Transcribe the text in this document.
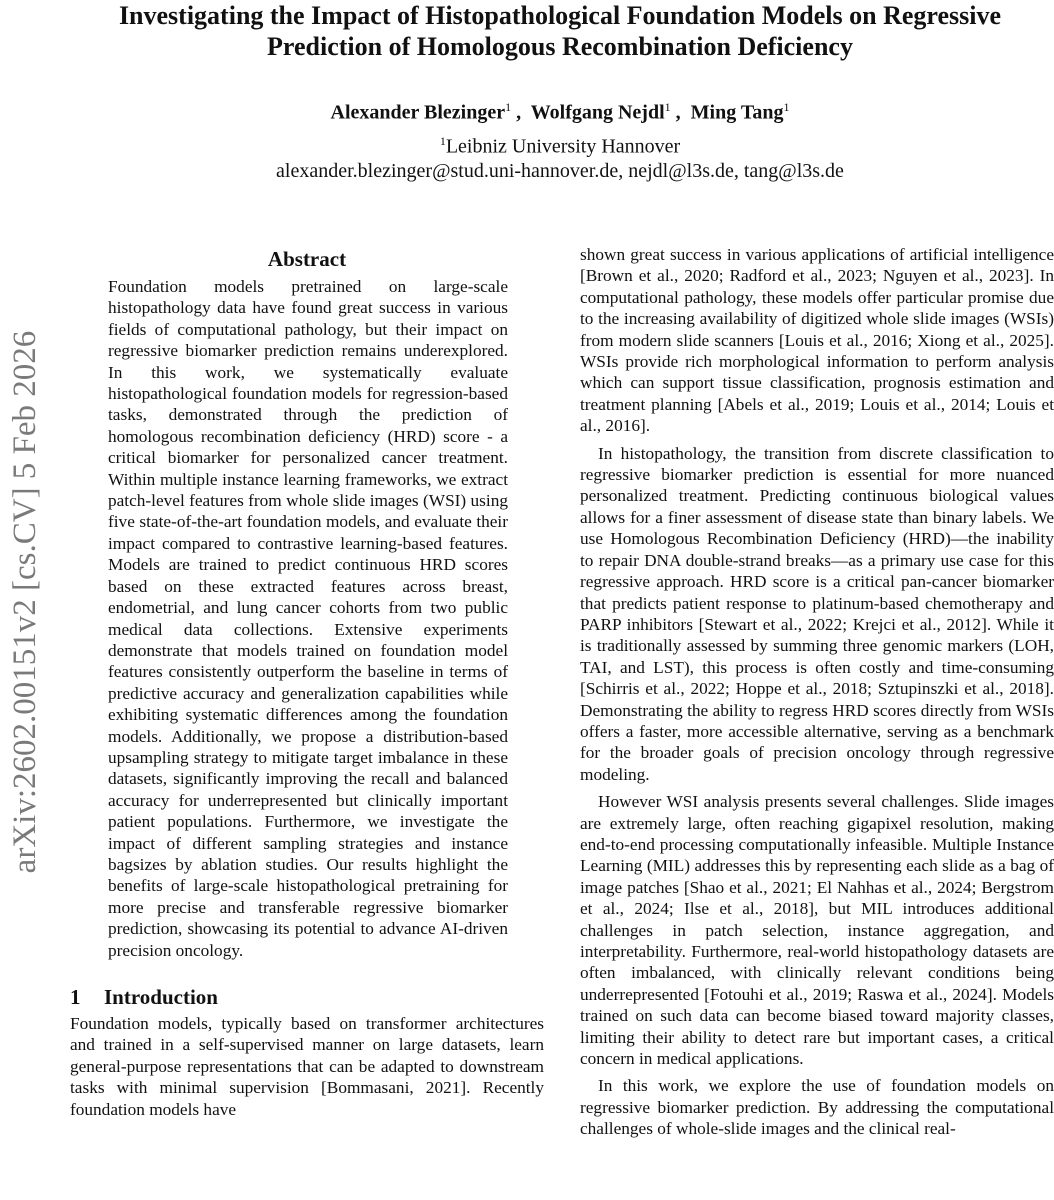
arXiv:2602.00151v2 [cs.CV] 5 Feb 2026
Investigating the Impact of Histopathological Foundation Models on Regressive Prediction of Homologous Recombination Deficiency
Alexander Blezinger$^1$ ,  Wolfgang Nejdl$^1$ ,  Ming Tang$^1$
$^1$Leibniz University Hannover
alexander.blezinger@stud.uni-hannover.de, nejdl@l3s.de, tang@l3s.de
Abstract

Foundation models pretrained on large-scale histopathology data have found great success in various fields of computational pathology, but their impact on regressive biomarker prediction remains underexplored. In this work, we systematically evaluate histopathological foundation models for regression-based tasks, demonstrated through the prediction of homologous recombination deficiency (HRD) score - a critical biomarker for personalized cancer treatment. Within multiple instance learning frameworks, we extract patch-level features from whole slide images (WSI) using five state-of-the-art foundation models, and evaluate their impact compared to contrastive learning-based features. Models are trained to predict continuous HRD scores based on these extracted features across breast, endometrial, and lung cancer cohorts from two public medical data collections. Extensive experiments demonstrate that models trained on foundation model features consistently outperform the baseline in terms of predictive accuracy and generalization capabilities while exhibiting systematic differences among the foundation models. Additionally, we propose a distribution-based upsampling strategy to mitigate target imbalance in these datasets, significantly improving the recall and balanced accuracy for underrepresented but clinically important patient populations. Furthermore, we investigate the impact of different sampling strategies and instance bagsizes by ablation studies. Our results highlight the benefits of large-scale histopathological pretraining for more precise and transferable regressive biomarker prediction, showcasing its potential to advance AI-driven precision oncology.

1 Introduction

Foundation models, typically based on transformer architectures and trained in a self-supervised manner on large datasets, learn general-purpose representations that can be adapted to downstream tasks with minimal supervision [Bommasani, 2021]. Recently foundation models have

shown great success in various applications of artificial intelligence [Brown et al., 2020; Radford et al., 2023; Nguyen et al., 2023]. In computational pathology, these models offer particular promise due to the increasing availability of digitized whole slide images (WSIs) from modern slide scanners [Louis et al., 2016; Xiong et al., 2025]. WSIs provide rich morphological information to perform analysis which can support tissue classification, prognosis estimation and treatment planning [Abels et al., 2019; Louis et al., 2014; Louis et al., 2016].

In histopathology, the transition from discrete classification to regressive biomarker prediction is essential for more nuanced personalized treatment. Predicting continuous biological values allows for a finer assessment of disease state than binary labels. We use Homologous Recombination Deficiency (HRD)—the inability to repair DNA double-strand breaks—as a primary use case for this regressive approach. HRD score is a critical pan-cancer biomarker that predicts patient response to platinum-based chemotherapy and PARP inhibitors [Stewart et al., 2022; Krejci et al., 2012]. While it is traditionally assessed by summing three genomic markers (LOH, TAI, and LST), this process is often costly and time-consuming [Schirris et al., 2022; Hoppe et al., 2018; Sztupinszki et al., 2018]. Demonstrating the ability to regress HRD scores directly from WSIs offers a faster, more accessible alternative, serving as a benchmark for the broader goals of precision oncology through regressive modeling.

However WSI analysis presents several challenges. Slide images are extremely large, often reaching gigapixel resolution, making end-to-end processing computationally infeasible. Multiple Instance Learning (MIL) addresses this by representing each slide as a bag of image patches [Shao et al., 2021; El Nahhas et al., 2024; Bergstrom et al., 2024; Ilse et al., 2018], but MIL introduces additional challenges in patch selection, instance aggregation, and interpretability. Furthermore, real-world histopathology datasets are often imbalanced, with clinically relevant conditions being underrepresented [Fotouhi et al., 2019; Raswa et al., 2024]. Models trained on such data can become biased toward majority classes, limiting their ability to detect rare but important cases, a critical concern in medical applications.

In this work, we explore the use of foundation models on regressive biomarker prediction. By addressing the computational challenges of whole-slide images and the clinical real-
